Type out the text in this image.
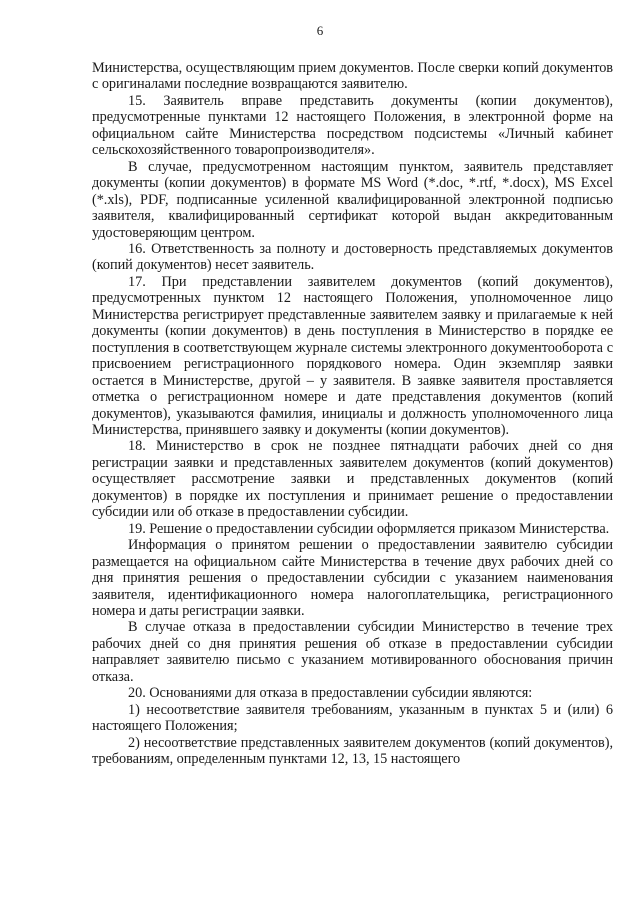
6

Министерства, осуществляющим прием документов. После сверки копий документов с оригиналами последние возвращаются заявителю.

15. Заявитель вправе представить документы (копии документов), предусмотренные пунктами 12 настоящего Положения, в электронной форме на официальном сайте Министерства посредством подсистемы «Личный кабинет сельскохозяйственного товаропроизводителя».

В случае, предусмотренном настоящим пунктом, заявитель представляет документы (копии документов) в формате MS Word (*.doc, *.rtf, *.docx), MS Excel (*.xls), PDF, подписанные усиленной квалифицированной электронной подписью заявителя, квалифицированный сертификат которой выдан аккредитованным удостоверяющим центром.

16. Ответственность за полноту и достоверность представляемых документов (копий документов) несет заявитель.

17. При представлении заявителем документов (копий документов), предусмотренных пунктом 12 настоящего Положения, уполномоченное лицо Министерства регистрирует представленные заявителем заявку и прилагаемые к ней документы (копии документов) в день поступления в Министерство в порядке ее поступления в соответствующем журнале системы электронного документооборота с присвоением регистрационного порядкового номера. Один экземпляр заявки остается в Министерстве, другой – у заявителя. В заявке заявителя проставляется отметка о регистрационном номере и дате представления документов (копий документов), указываются фамилия, инициалы и должность уполномоченного лица Министерства, принявшего заявку и документы (копии документов).

18. Министерство в срок не позднее пятнадцати рабочих дней со дня регистрации заявки и представленных заявителем документов (копий документов) осуществляет рассмотрение заявки и представленных документов (копий документов) в порядке их поступления и принимает решение о предоставлении субсидии или об отказе в предоставлении субсидии.

19. Решение о предоставлении субсидии оформляется приказом Министерства.

Информация о принятом решении о предоставлении заявителю субсидии размещается на официальном сайте Министерства в течение двух рабочих дней со дня принятия решения о предоставлении субсидии с указанием наименования заявителя, идентификационного номера налогоплательщика, регистрационного номера и даты регистрации заявки.

В случае отказа в предоставлении субсидии Министерство в течение трех рабочих дней со дня принятия решения об отказе в предоставлении субсидии направляет заявителю письмо с указанием мотивированного обоснования причин отказа.

20. Основаниями для отказа в предоставлении субсидии являются:

1) несоответствие заявителя требованиям, указанным в пунктах 5 и (или) 6 настоящего Положения;

2) несоответствие представленных заявителем документов (копий документов), требованиям, определенным пунктами 12, 13, 15 настоящего
